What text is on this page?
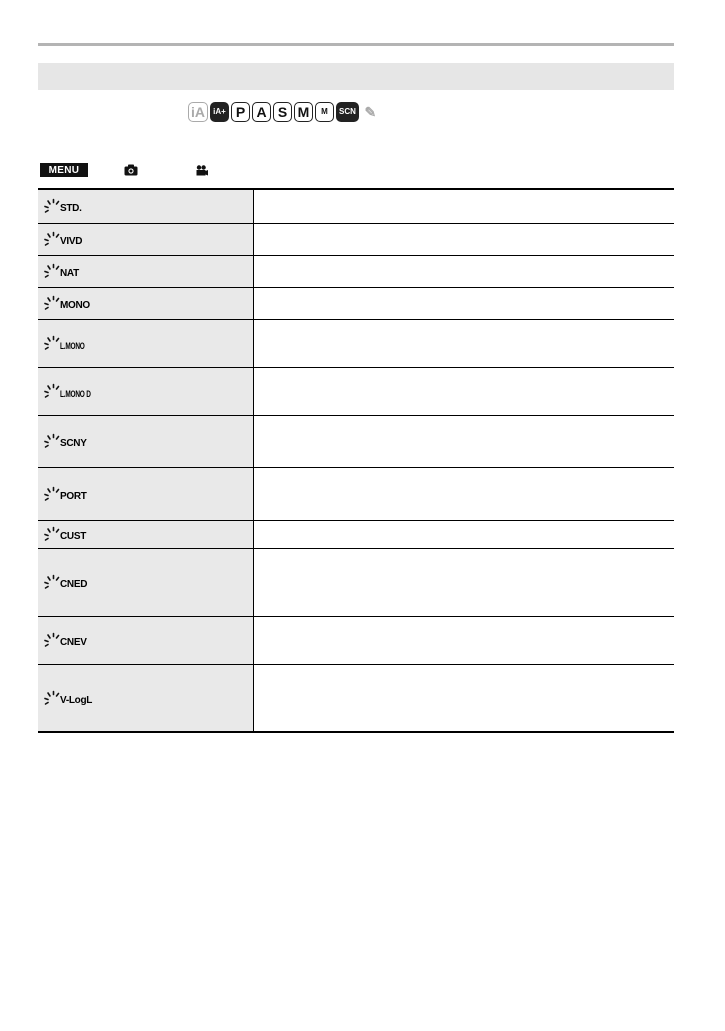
iA	iA+ P A S M	M	SCN ✎
MENU
STD.	

VIVD	

NAT	

MONO	

L.MONO	

L.MONO D	

SCNY	

PORT	

CUST	

CNED	

CNEV	

V-LogL	
